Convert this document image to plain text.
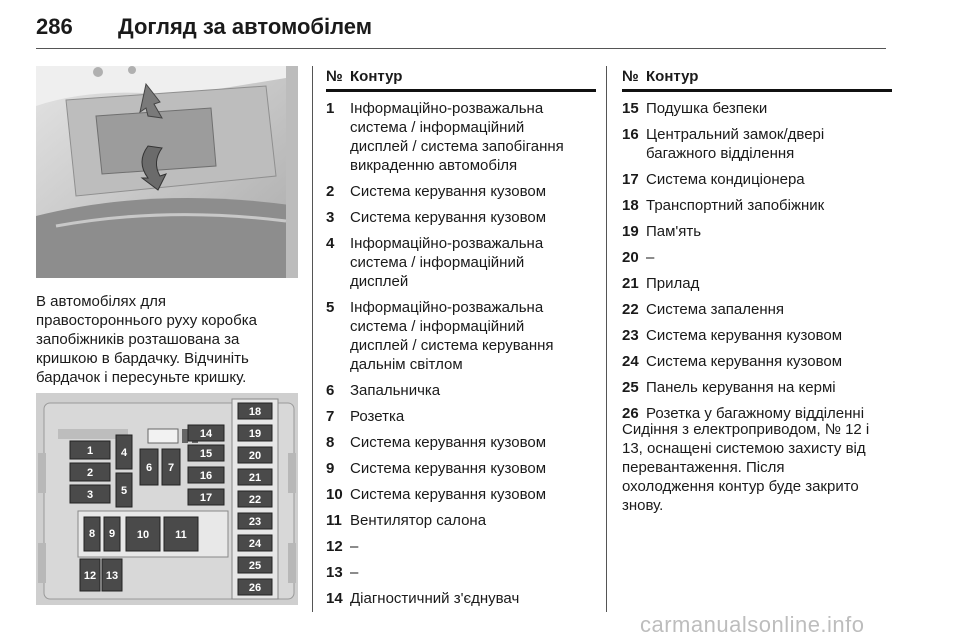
286 Догляд за автомобілем
В автомобілях для
правостороннього руху коробка
запобіжників розташована за
кришкою в бардачку. Відчиніть
бардачок і пересуньте кришку.
1
2
3
4
5
6 7
14
15
16
17
8 9 10 11
12 13
18
19
20
21
22
23
24
25
26
№ Контур
1 Інформаційно-розважальна
система / інформаційний
дисплей / система запобігання
викраденню автомобіля
2 Система керування кузовом
3 Система керування кузовом
4 Інформаційно-розважальна
система / інформаційний
дисплей
5 Інформаційно-розважальна
система / інформаційний
дисплей / система керування
дальнім світлом
6 Запальничка
7 Розетка
8 Система керування кузовом
9 Система керування кузовом
10 Система керування кузовом
11 Вентилятор салона
12 –
13 –
14 Діагностичний з'єднувач
№ Контур
15 Подушка безпеки
16 Центральний замок/двері
багажного відділення
17 Система кондиціонера
18 Транспортний запобіжник
19 Пам'ять
20 –
21 Прилад
22 Система запалення
23 Система керування кузовом
24 Система керування кузовом
25 Панель керування на кермі
26 Розетка у багажному відділенні
Сидіння з електроприводом, № 12 і
13, оснащені системою захисту від
перевантаження. Після
охолодження контур буде закрито
знову.
carmanualsonline.info
